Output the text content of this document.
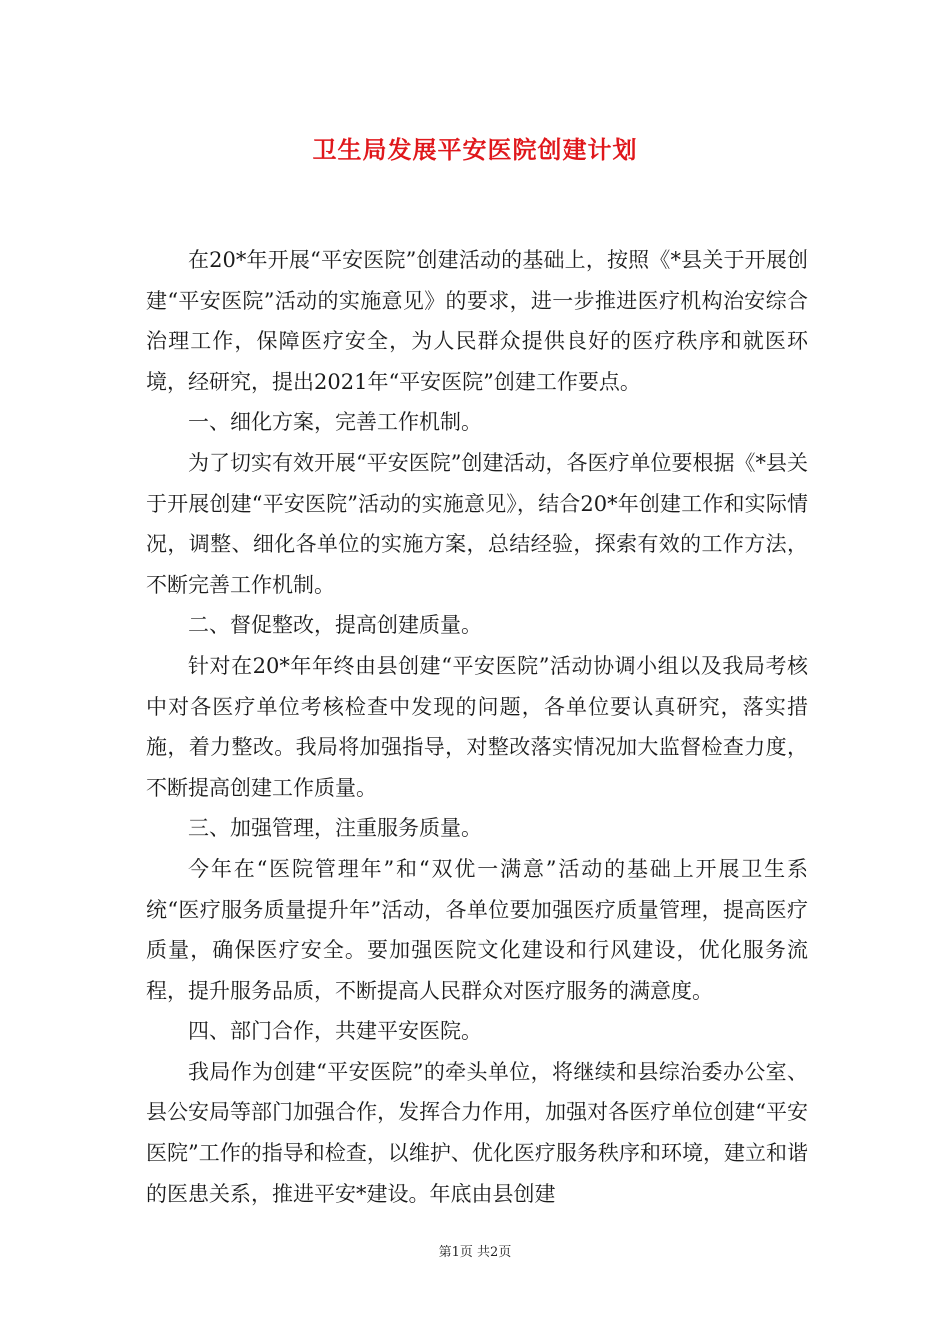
卫生局发展平安医院创建计划

在20*年开展“平安医院”创建活动的基础上，按照《*县关于开展创建“平安医院”活动的实施意见》的要求，进一步推进医疗机构治安综合治理工作，保障医疗安全，为人民群众提供良好的医疗秩序和就医环境，经研究，提出2021年“平安医院”创建工作要点。

一、细化方案，完善工作机制。

为了切实有效开展“平安医院”创建活动，各医疗单位要根据《*县关于开展创建“平安医院”活动的实施意见》，结合20*年创建工作和实际情况，调整、细化各单位的实施方案，总结经验，探索有效的工作方法，不断完善工作机制。

二、督促整改，提高创建质量。

针对在20*年年终由县创建“平安医院”活动协调小组以及我局考核中对各医疗单位考核检查中发现的问题，各单位要认真研究，落实措施，着力整改。我局将加强指导，对整改落实情况加大监督检查力度，不断提高创建工作质量。

三、加强管理，注重服务质量。

今年在“医院管理年”和“双优一满意”活动的基础上开展卫生系统“医疗服务质量提升年”活动，各单位要加强医疗质量管理，提高医疗质量，确保医疗安全。要加强医院文化建设和行风建设，优化服务流程，提升服务品质，不断提高人民群众对医疗服务的满意度。

四、部门合作，共建平安医院。

我局作为创建“平安医院”的牵头单位，将继续和县综治委办公室、县公安局等部门加强合作，发挥合力作用，加强对各医疗单位创建“平安医院”工作的指导和检查，以维护、优化医疗服务秩序和环境，建立和谐的医患关系，推进平安*建设。年底由县创建

第1页 共2页
